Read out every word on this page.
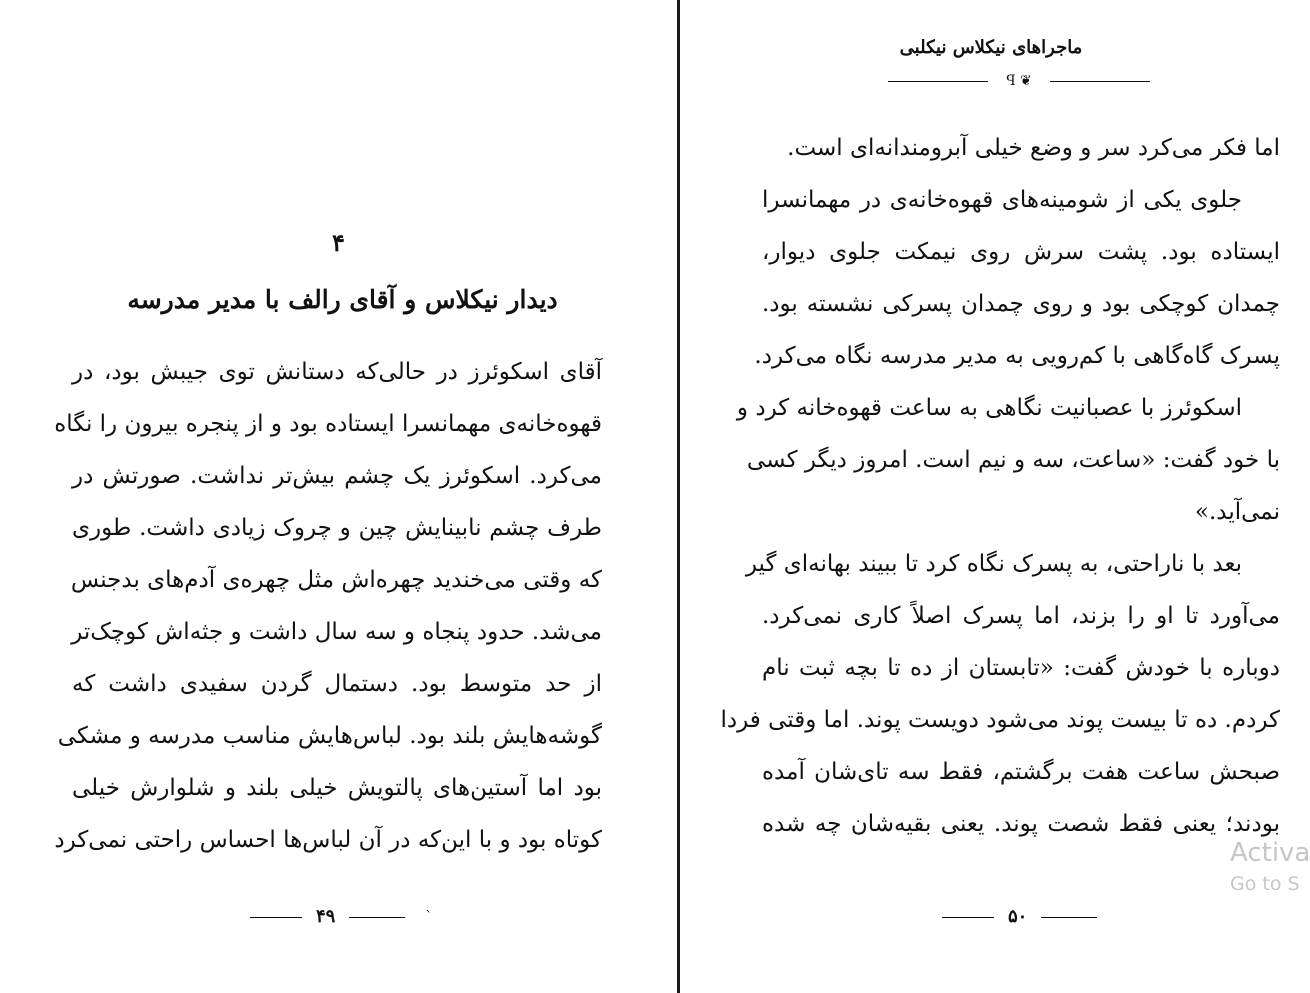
۴
دیدار نیکلاس و آقای رالف با مدیر مدرسه
آقای اسکوئرز در حالی‌که دستانش توی جیبش بود، در
قهوه‌خانه‌ی مهمانسرا ایستاده بود و از پنجره بیرون را نگاه
می‌کرد. اسکوئرز یک چشم بیش‌تر نداشت. صورتش در
طرف چشم نابینایش چین و چروک زیادی داشت. طوری
که وقتی می‌خندید چهره‌اش مثل چهره‌ی آدم‌های بدجنس
می‌شد. حدود پنجاه و سه سال داشت و جثه‌اش کوچک‌تر
از حد متوسط بود. دستمال گردن سفیدی داشت که
گوشه‌هایش بلند بود. لباس‌هایش مناسب مدرسه و مشکی
بود اما آستین‌های پالتویش خیلی بلند و شلوارش خیلی
کوتاه بود و با این‌که در آن لباس‌ها احساس راحتی نمی‌کرد
۴۹	`
ماجراهای نیکلاس نیکلبی
ꟼ ❦
اما فکر می‌کرد سر و وضع خیلی آبرومندانه‌ای است.
جلوی یکی از شومینه‌های قهوه‌خانه‌ی در مهمانسرا
ایستاده بود. پشت سرش روی نیمکت جلوی دیوار،
چمدان کوچکی بود و روی چمدان پسرکی نشسته بود.
پسرک گاه‌گاهی با کم‌رویی به مدیر مدرسه نگاه می‌کرد.
اسکوئرز با عصبانیت نگاهی به ساعت قهوه‌خانه کرد و
با خود گفت: «ساعت، سه و نیم است. امروز دیگر کسی
نمی‌آید.»
بعد با ناراحتی، به پسرک نگاه کرد تا ببیند بهانه‌ای گیر
می‌آورد تا او را بزند، اما پسرک اصلاً کاری نمی‌کرد.
دوباره با خودش گفت: «تابستان از ده تا بچه ثبت نام
کردم. ده تا بیست پوند می‌شود دویست پوند. اما وقتی فردا
صبحش ساعت هفت برگشتم، فقط سه تای‌شان آمده
بودند؛ یعنی فقط شصت پوند. یعنی بقیه‌شان چه شده
۵۰
Activa
Go to S
